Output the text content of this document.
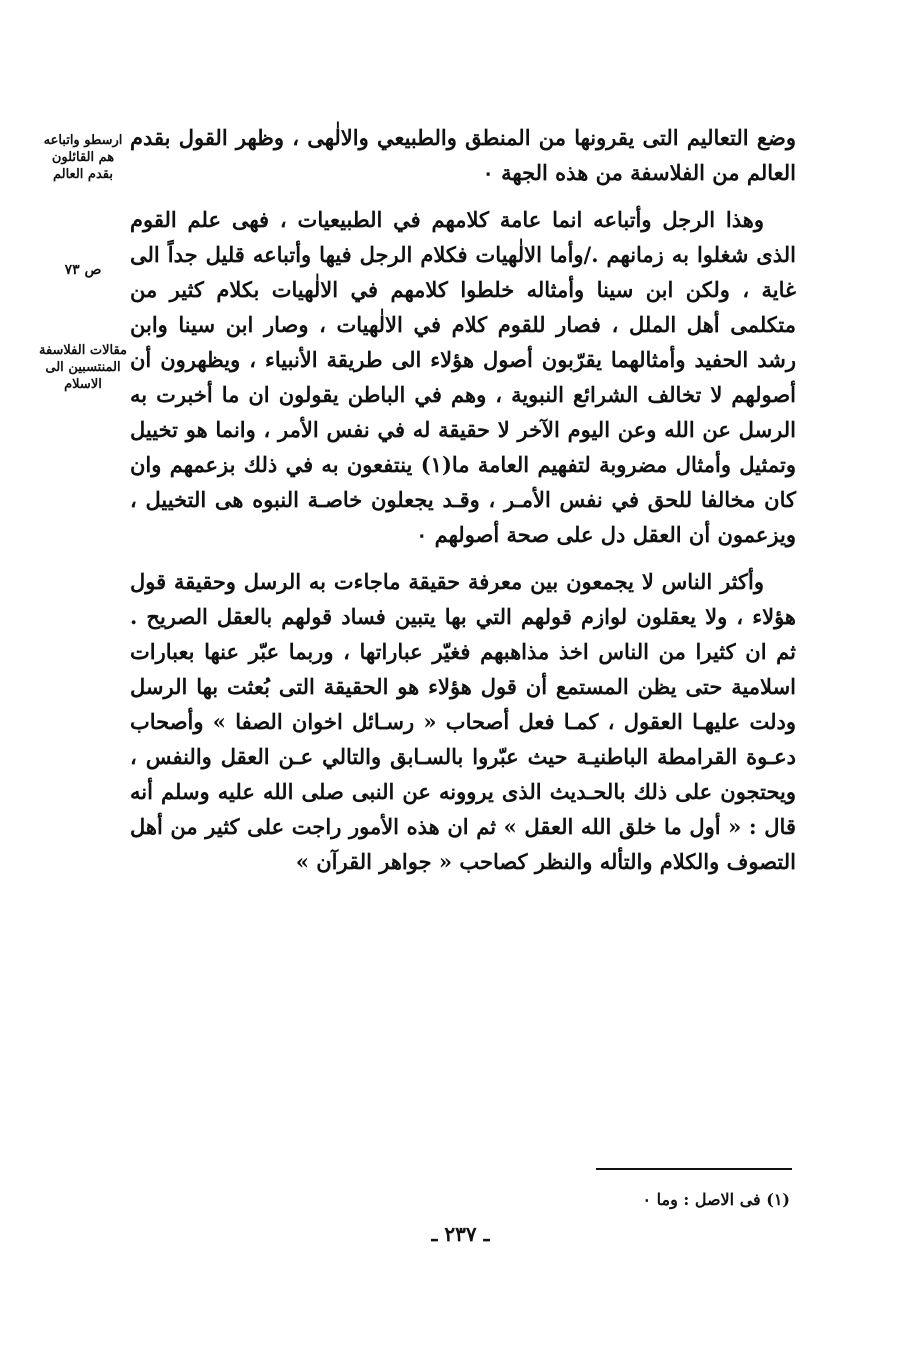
ارسطو واتباعه
هم القائلون
بقدم العالم
ص ٧٣
مقالات الفلاسفة
المنتسبين الى
الاسلام

وضع التعاليم التى يقرونها من المنطق والطبيعي والالٰهى ، وظهر القول بقدم العالم من الفلاسفة من هذه الجهة ٠

وهذا الرجل وأتباعه انما عامة كلامهم في الطبيعيات ، فهى علم القوم الذى شغلوا به زمانهم ./وأما الالٰهيات فكلام الرجل فيها وأتباعه قليل جداً الى غاية ، ولكن ابن سينا وأمثاله خلطوا كلامهم في الالٰهيات بكلام كثير من متكلمى أهل الملل ، فصار للقوم كلام في الالٰهيات ، وصار ابن سينا وابن رشد الحفيد وأمثالهما يقرّبون أصول هؤلاء الى طريقة الأنبياء ، ويظهرون أن أصولهم لا تخالف الشرائع النبوية ، وهم في الباطن يقولون ان ما أخبرت به الرسل عن الله وعن اليوم الآخر لا حقيقة له في نفس الأمر ، وانما هو تخييل وتمثيل وأمثال مضروبة لتفهيم العامة ما(١) ينتفعون به في ذلك بزعمهم وان كان مخالفا للحق في نفس الأمـر ، وقـد يجعلون خاصـة النبوه هى التخييل ، ويزعمون أن العقل دل على صحة أصولهم ٠

وأكثر الناس لا يجمعون بين معرفة حقيقة ماجاءت به الرسل وحقيقة قول هؤلاء ، ولا يعقلون لوازم قولهم التي بها يتبين فساد قولهم بالعقل الصريح . ثم ان كثيرا من الناس اخذ مذاهبهم فغيّر عباراتها ، وربما عبّر عنها بعبارات اسلامية حتى يظن المستمع أن قول هؤلاء هو الحقيقة التى بُعثت بها الرسل ودلت عليهـا العقول ، كمـا فعل أصحاب « رسـائل اخوان الصفا » وأصحاب دعـوة القرامطة الباطنيـة حيث عبّروا بالسـابق والتالي عـن العقل والنفس ، ويحتجون على ذلك بالحـديث الذى يروونه عن النبى صلى الله عليه وسلم أنه قال : « أول ما خلق الله العقل » ثم ان هذه الأمور راجت على كثير من أهل التصوف والكلام والتأله والنظر كصاحب « جواهر القرآن »

(١) فى الاصل : وما ٠
ـ ٢٣٧ ـ
